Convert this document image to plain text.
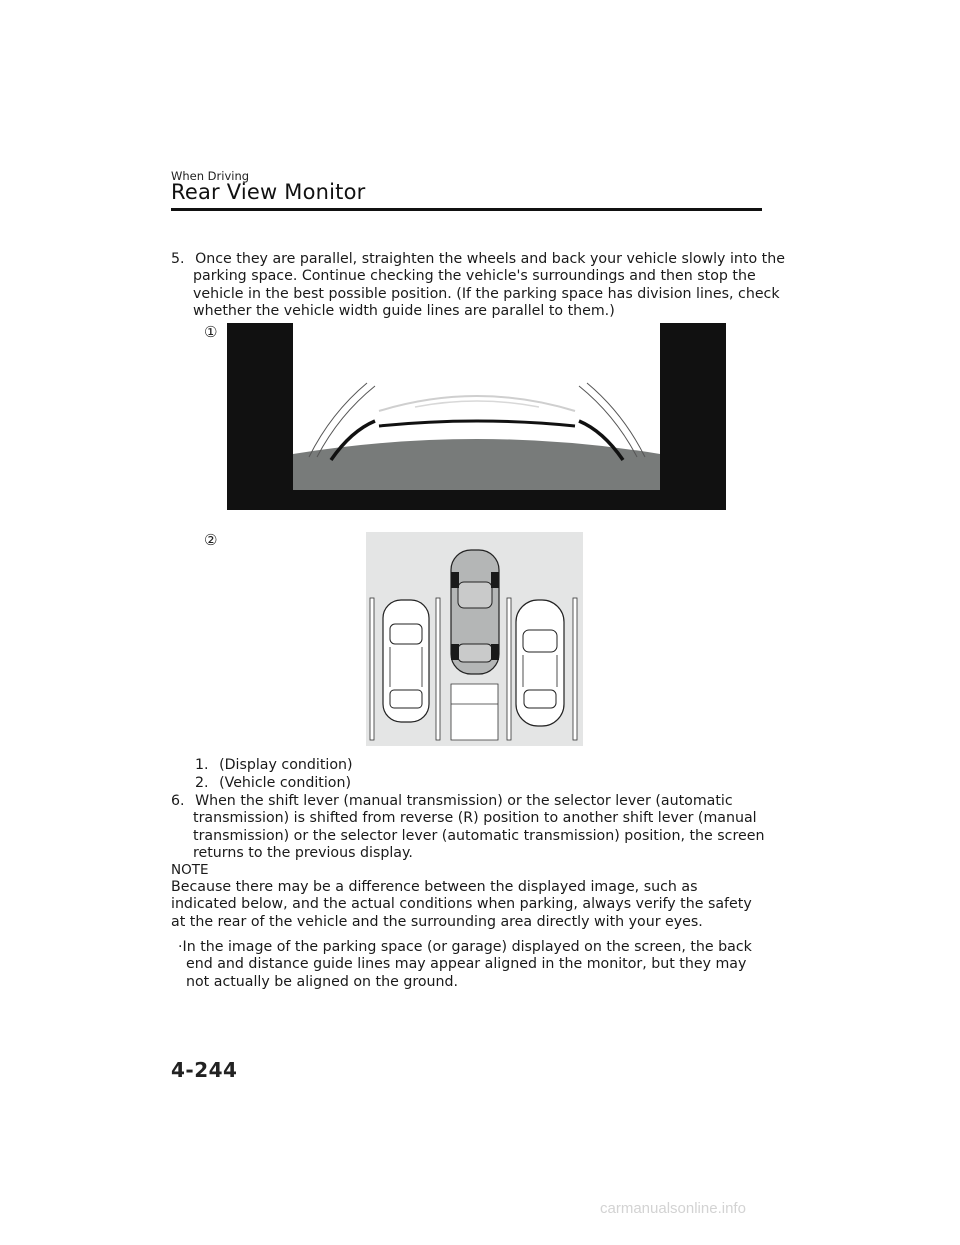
When Driving
Rear View Monitor
5. Once they are parallel, straighten the wheels and back your vehicle slowly into the parking space. Continue checking the vehicle's surroundings and then stop the vehicle in the best possible position. (If the parking space has division lines, check whether the vehicle width guide lines are parallel to them.)
①
②
1. (Display condition)
2. (Vehicle condition)
6. When the shift lever (manual transmission) or the selector lever (automatic transmission) is shifted from reverse (R) position to another shift lever (manual transmission) or the selector lever (automatic transmission) position, the screen returns to the previous display.
NOTE
Because there may be a difference between the displayed image, such as indicated below, and the actual conditions when parking, always verify the safety at the rear of the vehicle and the surrounding area directly with your eyes.
·In the image of the parking space (or garage) displayed on the screen, the back end and distance guide lines may appear aligned in the monitor, but they may not actually be aligned on the ground.
4-244
carmanualsonline.info
